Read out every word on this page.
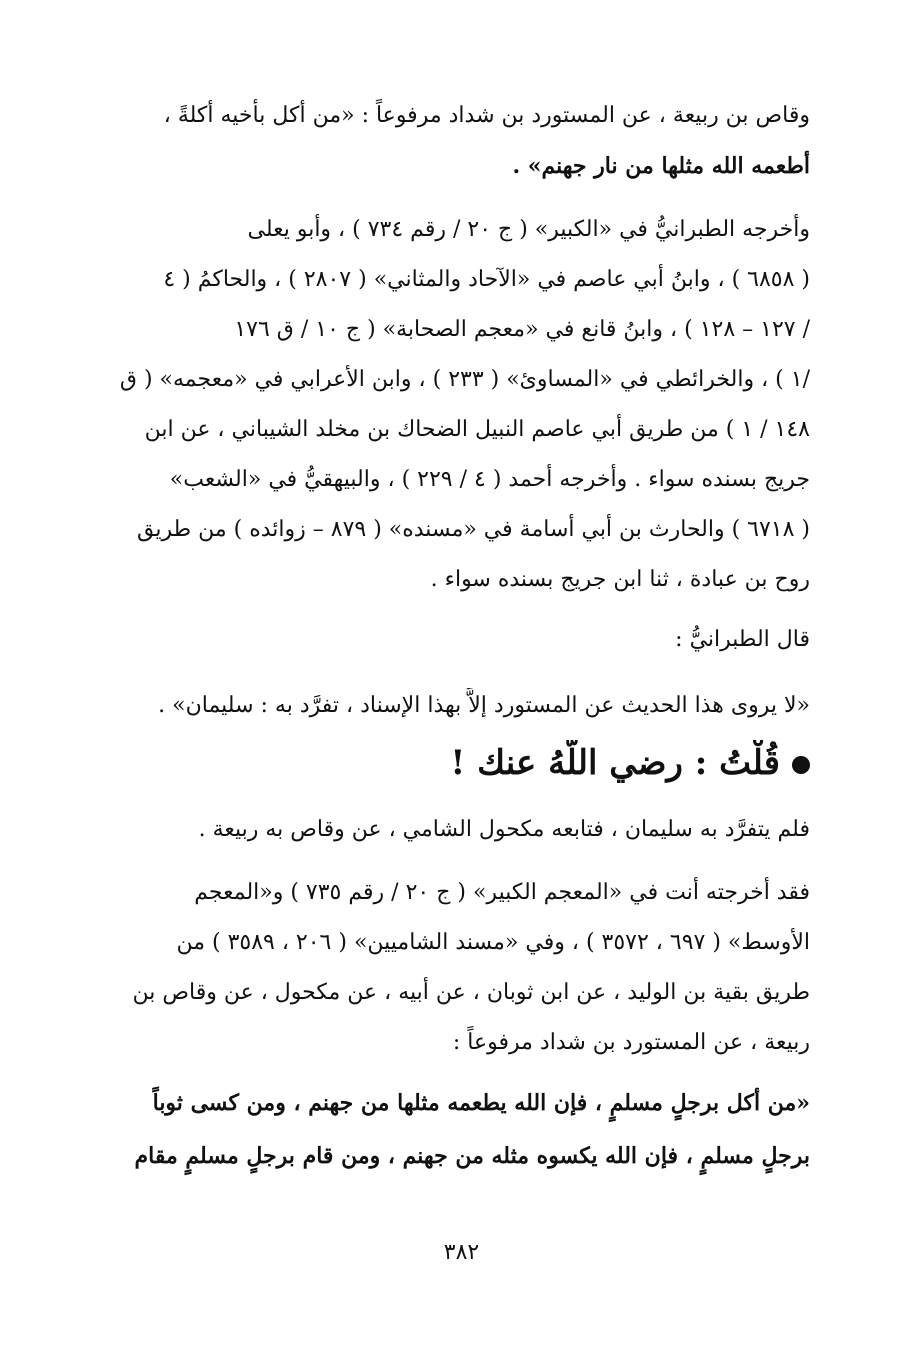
وقاص بن ربيعة ، عن المستورد بن شداد مرفوعاً : «من أكل بأخيه أكلةً ،
أطعمه الله مثلها من نار جهنم» .
وأخرجه الطبرانيُّ في «الكبير» ( ج ٢٠ / رقم ٧٣٤ ) ، وأبو يعلى
( ٦٨٥٨ ) ، وابنُ أبي عاصم في «الآحاد والمثاني» ( ٢٨٠٧ ) ، والحاكمُ ( ٤
/ ١٢٧ – ١٢٨ ) ، وابنُ قانع في «معجم الصحابة» ( ج ١٠ / ق ١٧٦
/١ ) ، والخرائطي في «المساوئ» ( ٢٣٣ ) ، وابن الأعرابي في «معجمه» ( ق
١٤٨ / ١ ) من طريق أبي عاصم النبيل الضحاك بن مخلد الشيباني ، عن ابن
جريج بسنده سواء . وأخرجه أحمد ( ٤ / ٢٢٩ ) ، والبيهقيُّ في «الشعب»
( ٦٧١٨ ) والحارث بن أبي أسامة في «مسنده» ( ٨٧٩ – زوائده ) من طريق
روح بن عبادة ، ثنا ابن جريج بسنده سواء .
قال الطبرانيُّ :
«لا يروى هذا الحديث عن المستورد إلاَّ بهذا الإسناد ، تفرَّد به : سليمان» .
قُلْتُ : رضي اللَّهُ عنك !
فلم يتفرَّد به سليمان ، فتابعه مكحول الشامي ، عن وقاص به ربيعة .
فقد أخرجته أنت في «المعجم الكبير» ( ج ٢٠ / رقم ٧٣٥ ) و«المعجم
الأوسط» ( ٦٩٧ ، ٣٥٧٢ ) ، وفي «مسند الشاميين» ( ٢٠٦ ، ٣٥٨٩ ) من
طريق بقية بن الوليد ، عن ابن ثوبان ، عن أبيه ، عن مكحول ، عن وقاص بن
ربيعة ، عن المستورد بن شداد مرفوعاً :
«من أكل برجلٍ مسلمٍ ، فإن الله يطعمه مثلها من جهنم ، ومن كسى ثوباً
برجلٍ مسلمٍ ، فإن الله يكسوه مثله من جهنم ، ومن قام برجلٍ مسلمٍ مقام
٣٨٢
